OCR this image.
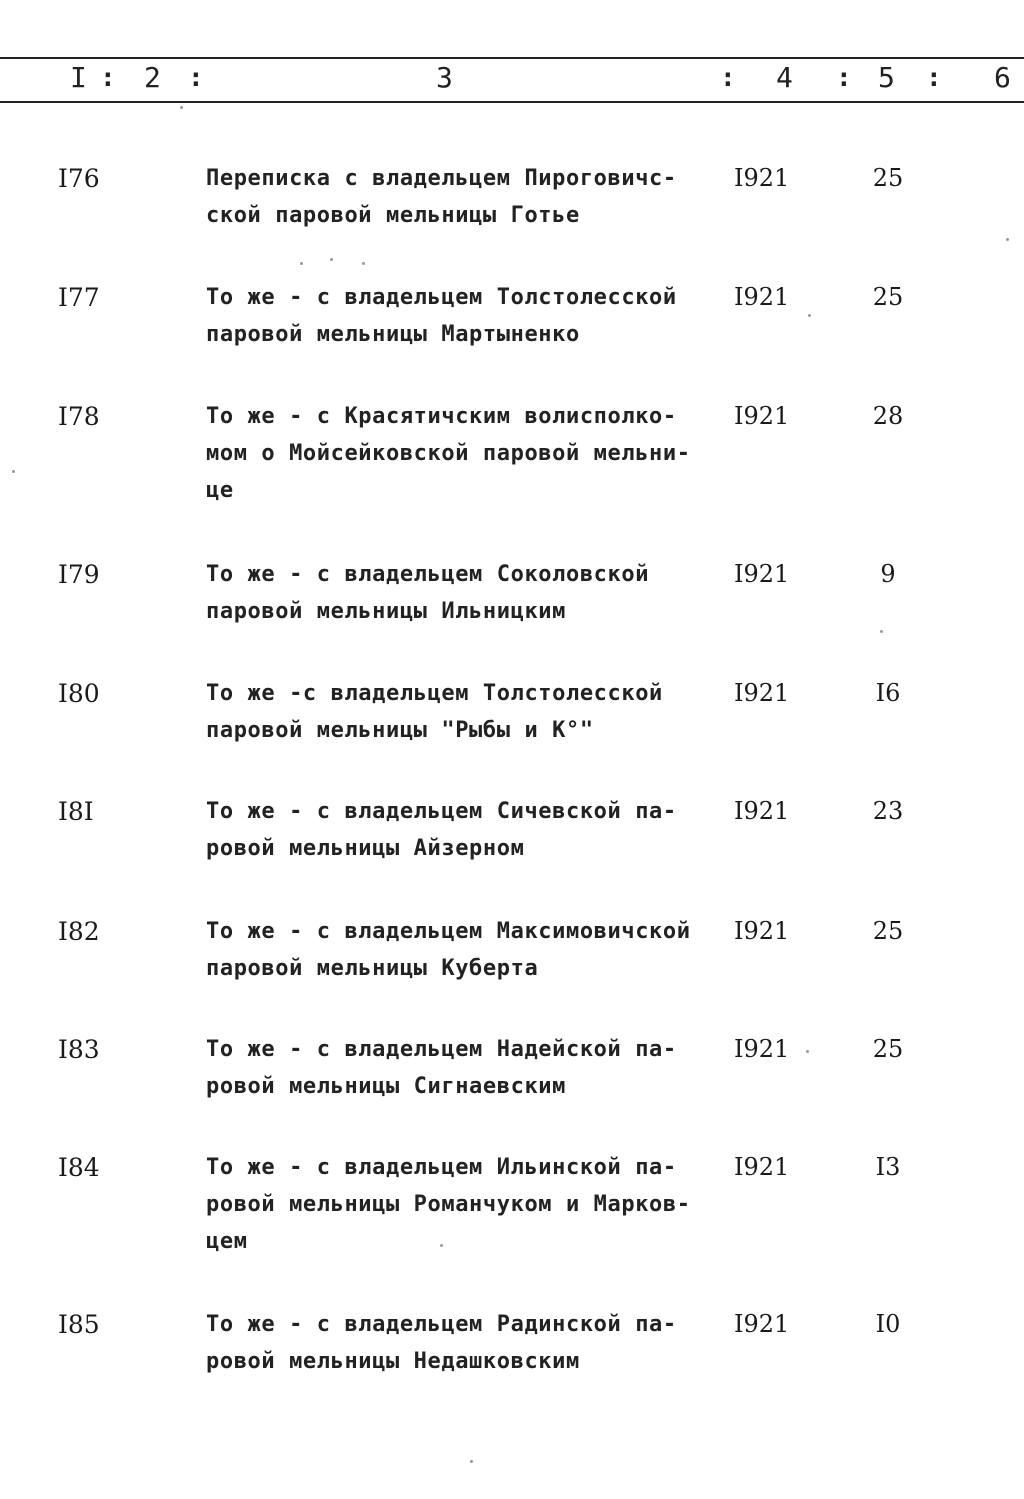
I : 2 :	3	: 4 : 5 : 6
I76	Переписка с владельцем Пироговичс-
ской паровой мельницы Готье
I921	25
I77	То же - с владельцем Толстолесской
паровой мельницы Мартыненко
I921	25
I78	То же - с Красятичским волисполко-
мом о Мойсейковской паровой мельни-
це
I921	28
I79	То же - с владельцем Соколовской
паровой мельницы Ильницким
I921	9
I80	То же -с владельцем Толстолесской
паровой мельницы "Рыбы и К°"
I921	I6
I8I	То же - с владельцем Сичевской па-
ровой мельницы Айзерном
I921	23
I82	То же - с владельцем Максимовичской
паровой мельницы Куберта
I921	25
I83	То же - с владельцем Надейской па-
ровой мельницы Сигнаевским
I921	25
I84	То же - с владельцем Ильинской па-
ровой мельницы Романчуком и Марков-
цем
I921	I3
I85	То же - с владельцем Радинской па-
ровой мельницы Недашковским
I921	I0
